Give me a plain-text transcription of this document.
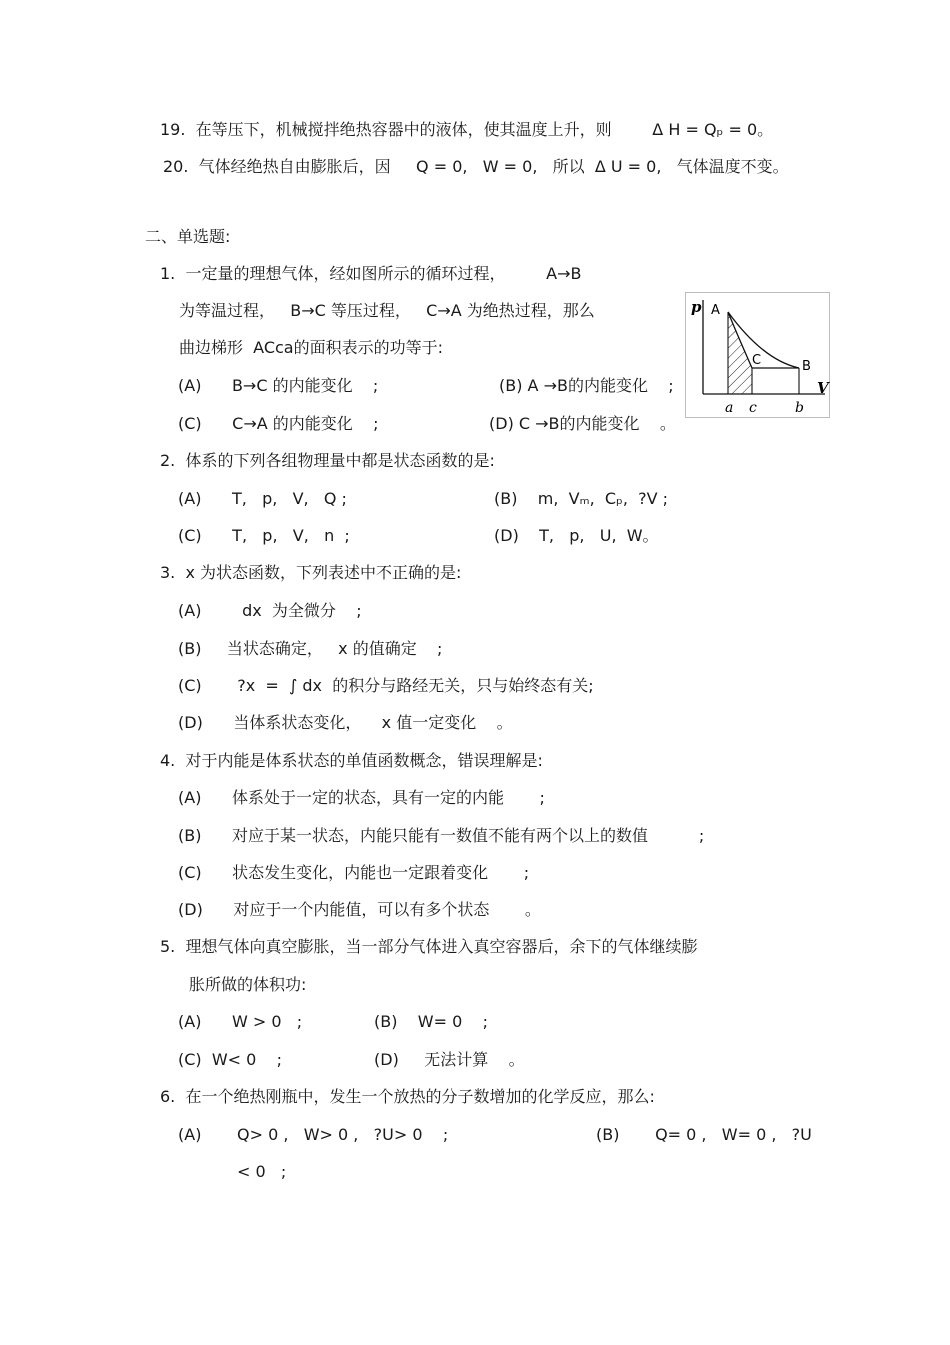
19.  在等压下，机械搅拌绝热容器中的液体，使其温度上升，则        Δ H = Qₚ = 0。
20.  气体经绝热自由膨胀后，因     Q = 0,   W = 0,   所以  Δ U = 0,   气体温度不变。
二、单选题:
1.  一定量的理想气体，经如图所示的循环过程，        A→B
为等温过程，   B→C 等压过程，   C→A 为绝热过程，那么
曲边梯形  ACca的面积表示的功等于:
(A)      B→C 的内能变化    ;	(B) A →B的内能变化    ;
(C)      C→A 的内能变化    ;	(D) C →B的内能变化    。
p
V
A
B
C
a c	b
2.  体系的下列各组物理量中都是状态函数的是:
(A)      T,   p,   V,   Q ;	(B)    m,  Vₘ,  Cₚ,  ?V ;
(C)      T,   p,   V,   n  ;	(D)    T,   p,   U,  W。
3.  x 为状态函数，下列表述中不正确的是:
(A)        dx  为全微分    ;
(B)     当状态确定，   x 的值确定    ;
(C)       ?x  =  ∫ dx  的积分与路经无关，只与始终态有关;
(D)      当体系状态变化，    x 值一定变化    。
4.  对于内能是体系状态的单值函数概念，错误理解是:
(A)      体系处于一定的状态，具有一定的内能       ;
(B)      对应于某一状态，内能只能有一数值不能有两个以上的数值          ;
(C)      状态发生变化，内能也一定跟着变化       ;
(D)      对应于一个内能值，可以有多个状态       。
5.  理想气体向真空膨胀，当一部分气体进入真空容器后，余下的气体继续膨
胀所做的体积功:
(A)      W > 0   ;	(B)    W= 0    ;
(C)  W< 0    ;	(D)     无法计算    。
6.  在一个绝热刚瓶中，发生一个放热的分子数增加的化学反应，那么:
(A)       Q> 0 ,   W> 0 ,   ?U> 0    ;	(B)       Q= 0 ,   W= 0 ,   ?U
< 0   ;
